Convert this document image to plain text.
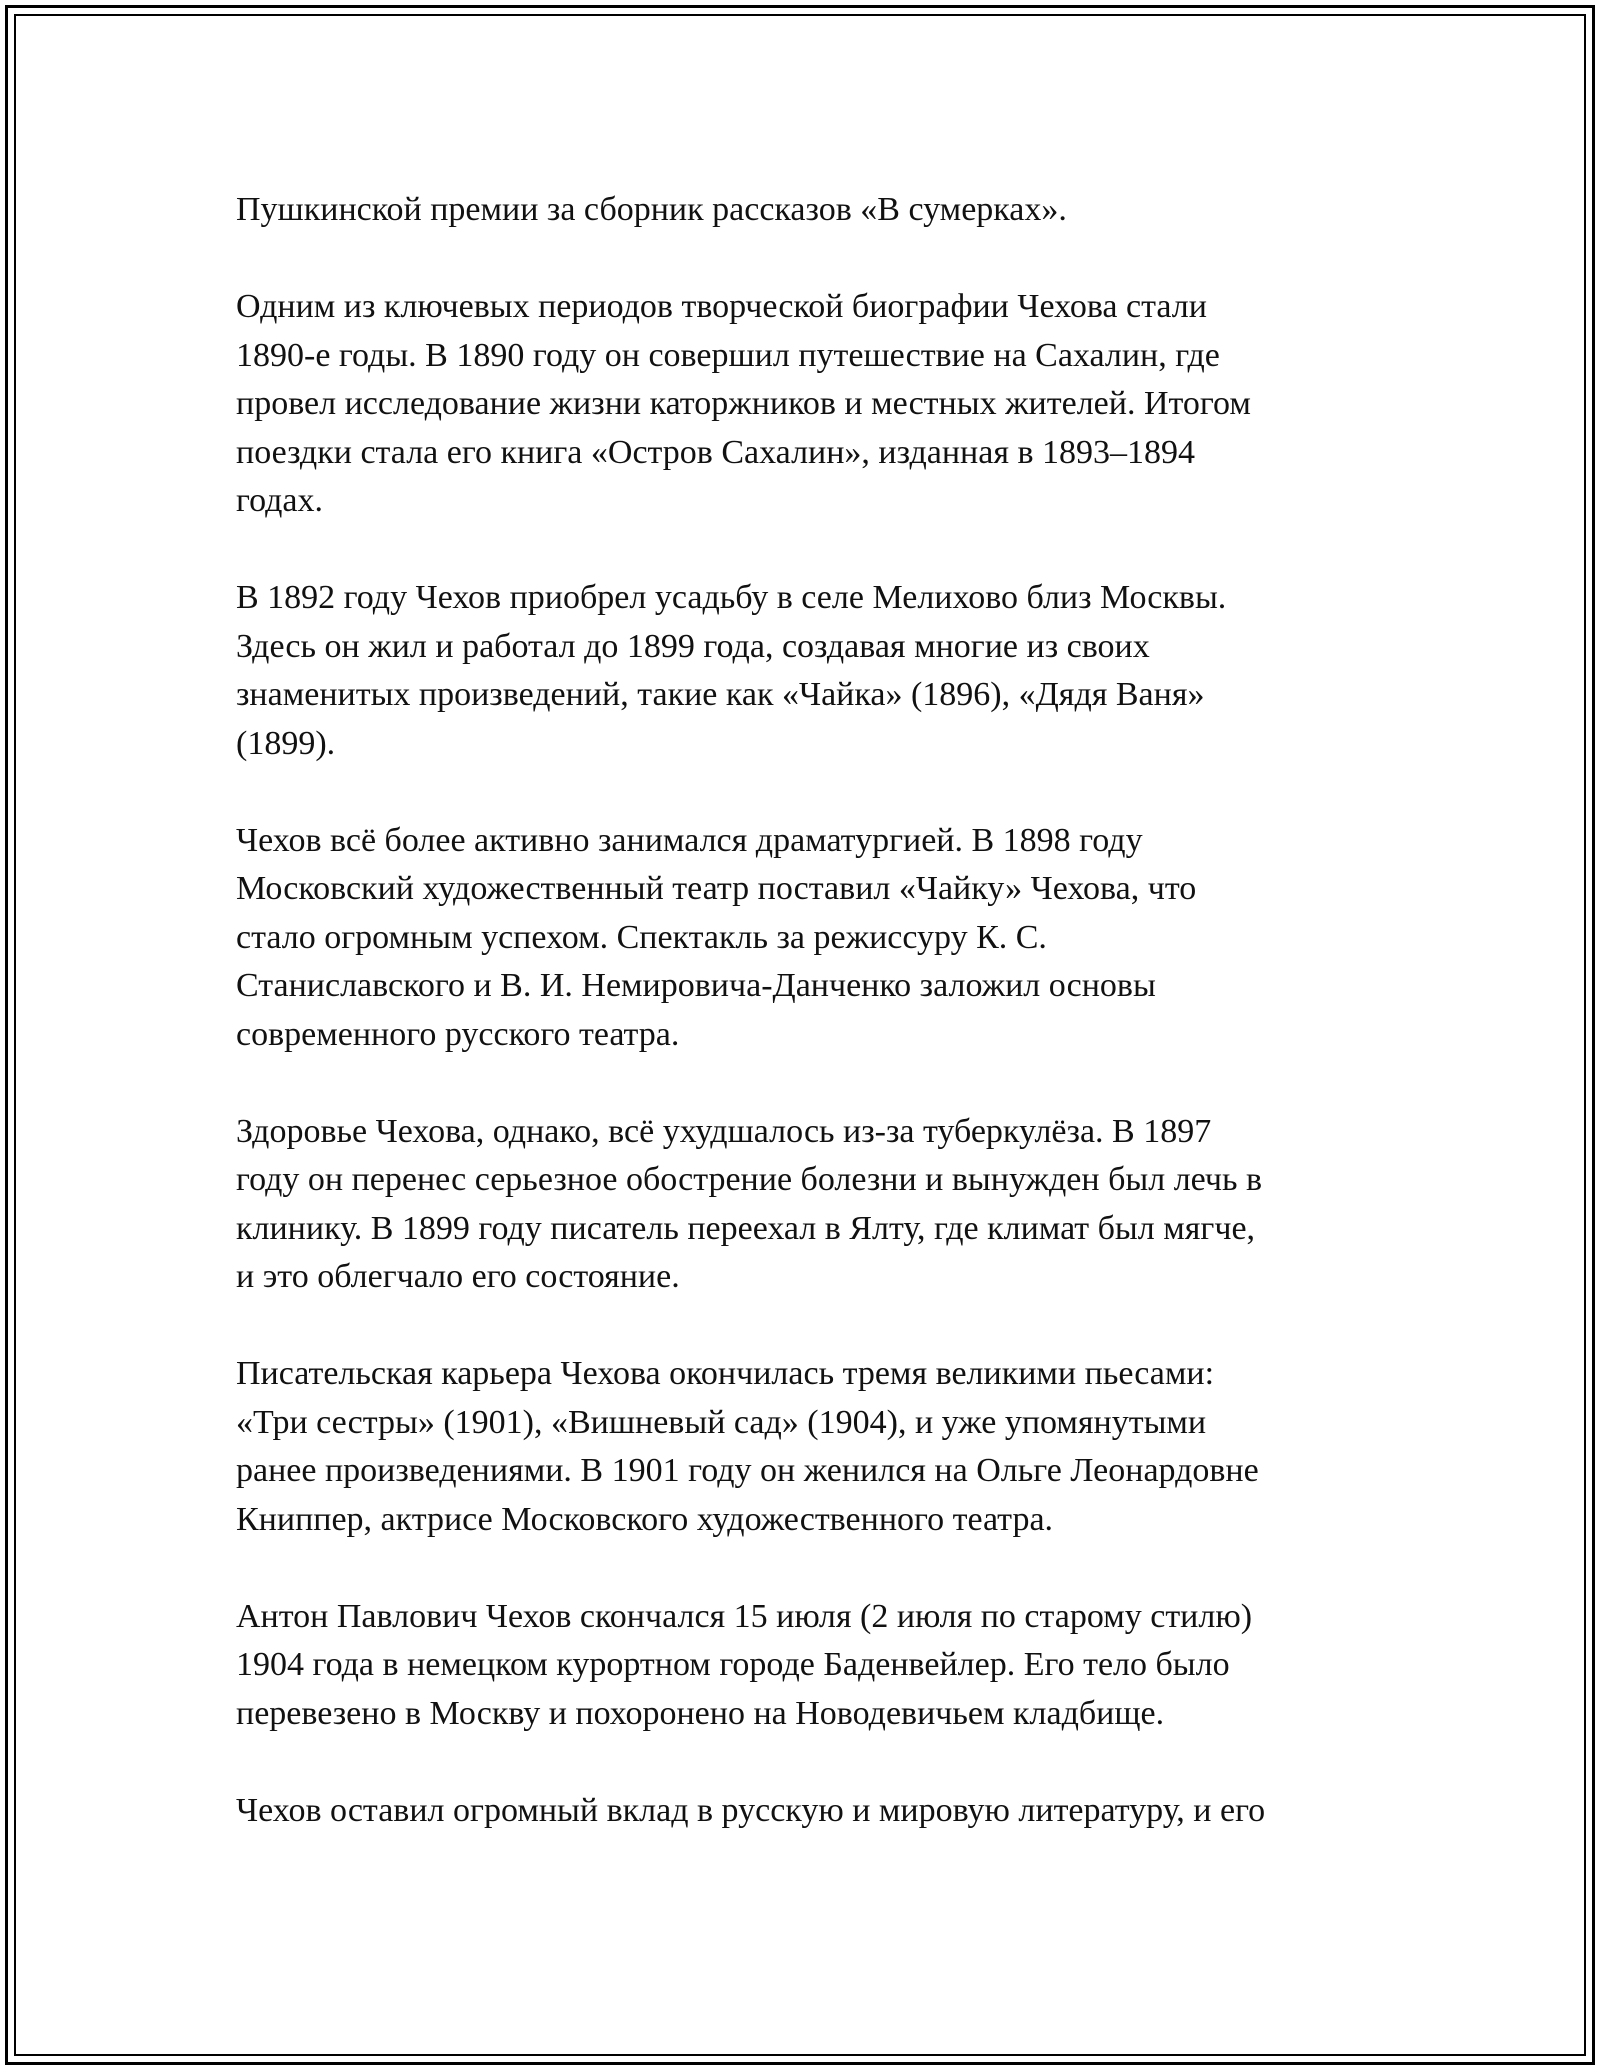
Пушкинской премии за сборник рассказов «В сумерках».

Одним из ключевых периодов творческой биографии Чехова стали
1890-е годы. В 1890 году он совершил путешествие на Сахалин, где
провел исследование жизни каторжников и местных жителей. Итогом
поездки стала его книга «Остров Сахалин», изданная в 1893–1894
годах.

В 1892 году Чехов приобрел усадьбу в селе Мелихово близ Москвы.
Здесь он жил и работал до 1899 года, создавая многие из своих
знаменитых произведений, такие как «Чайка» (1896), «Дядя Ваня»
(1899).

Чехов всё более активно занимался драматургией. В 1898 году
Московский художественный театр поставил «Чайку» Чехова, что
стало огромным успехом. Спектакль за режиссуру К. С.
Станиславского и В. И. Немировича-Данченко заложил основы
современного русского театра.

Здоровье Чехова, однако, всё ухудшалось из-за туберкулёза. В 1897
году он перенес серьезное обострение болезни и вынужден был лечь в
клинику. В 1899 году писатель переехал в Ялту, где климат был мягче,
и это облегчало его состояние.

Писательская карьера Чехова окончилась тремя великими пьесами:
«Три сестры» (1901), «Вишневый сад» (1904), и уже упомянутыми
ранее произведениями. В 1901 году он женился на Ольге Леонардовне
Книппер, актрисе Московского художественного театра.

Антон Павлович Чехов скончался 15 июля (2 июля по старому стилю)
1904 года в немецком курортном городе Баденвейлер. Его тело было
перевезено в Москву и похоронено на Новодевичьем кладбище.

Чехов оставил огромный вклад в русскую и мировую литературу, и его
